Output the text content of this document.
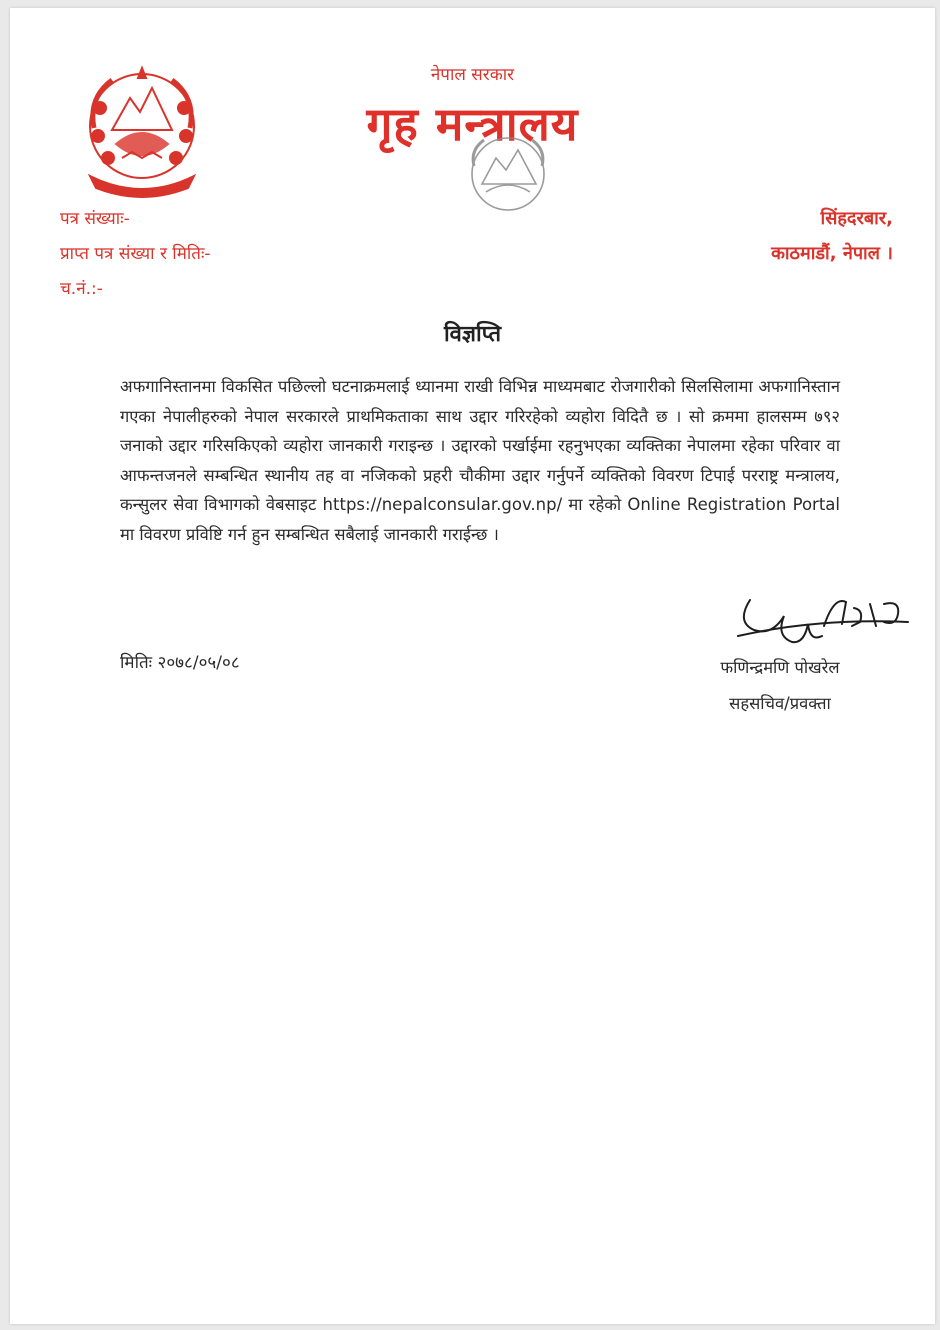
नेपाल सरकार
गृह मन्त्रालय
पत्र संख्याः-
प्राप्त पत्र संख्या र मितिः-
च.नं.:-
सिंहदरबार,
काठमाडौं, नेपाल ।
विज्ञप्ति
अफगानिस्तानमा विकसित पछिल्लो घटनाक्रमलाई ध्यानमा राखी विभिन्न माध्यमबाट रोजगारीको सिलसिलामा अफगानिस्तान गएका नेपालीहरुको नेपाल सरकारले प्राथमिकताका साथ उद्दार गरिरहेको व्यहोरा विदितै छ । सो क्रममा हालसम्म ७९२ जनाको उद्दार गरिसकिएको व्यहोरा जानकारी गराइन्छ । उद्दारको पर्खाईमा रहनुभएका व्यक्तिका नेपालमा रहेका परिवार वा आफन्तजनले सम्बन्धित स्थानीय तह वा नजिकको प्रहरी चौकीमा उद्दार गर्नुपर्ने व्यक्तिको विवरण टिपाई परराष्ट्र मन्त्रालय, कन्सुलर सेवा विभागको वेबसाइट https://nepalconsular.gov.np/ मा रहेको Online Registration Portal मा विवरण प्रविष्टि गर्न हुन सम्बन्धित सबैलाई जानकारी गराईन्छ ।
मितिः २०७८/०५/०८	फणिन्द्रमणि पोखरेल
सहसचिव/प्रवक्ता
